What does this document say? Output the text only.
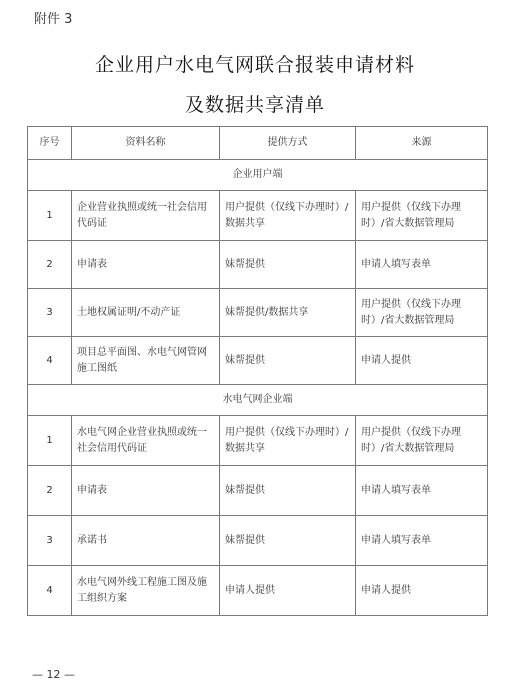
附件 3
企业用户水电气网联合报装申请材料
及数据共享清单
序号	资料名称	提供方式	来源
企业用户端			
1	企业营业执照或统一社会信用代码证	用户提供（仅线下办理时）/数据共享	用户提供（仅线下办理时）/省大数据管理局
2	申请表	妹帮提供	申请人填写表单
3	土地权属证明/不动产证	妹帮提供/数据共享	用户提供（仅线下办理时）/省大数据管理局
4	项目总平面图、水电气网管网施工图纸	妹帮提供	申请人提供
水电气网企业端			
1	水电气网企业营业执照或统一社会信用代码证	用户提供（仅线下办理时）/数据共享	用户提供（仅线下办理时）/省大数据管理局
2	申请表	妹帮提供	申请人填写表单
3	承诺书	妹帮提供	申请人填写表单
4	水电气网外线工程施工图及施工组织方案	申请人提供	申请人提供
— 12 —
